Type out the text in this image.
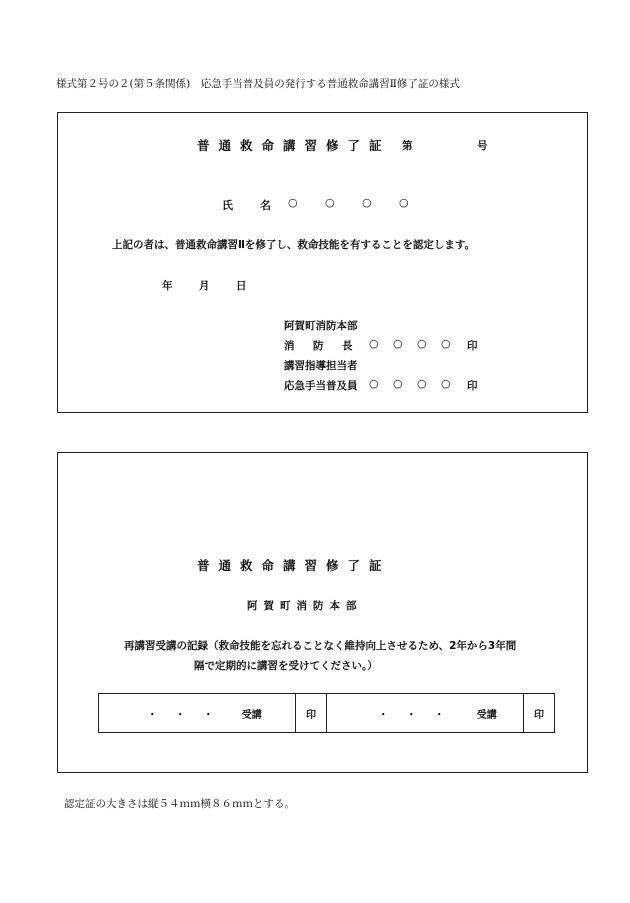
様式第２号の２(第５条関係)　応急手当普及員の発行する普通救命講習Ⅱ修了証の様式
普通救命講習修了証 第	号
氏　名 ○ ○ ○ ○
上記の者は、普通救命講習Ⅱを修了し、救命技能を有することを認定します。
年	月	日
阿賀町消防本部
消　防　長 ○ ○ ○ ○	印
講習指導担当者
応急手当普及員 ○ ○ ○ ○	印
普通救命講習修了証
阿賀町消防本部
再講習受講の記録（救命技能を忘れることなく維持向上させるため、2年から3年間
隔で定期的に講習を受けてください。）
・ ・ ・	受講	印	・ ・ ・	受講	印
認定証の大きさは縦５４ｍｍ横８６ｍｍとする。
